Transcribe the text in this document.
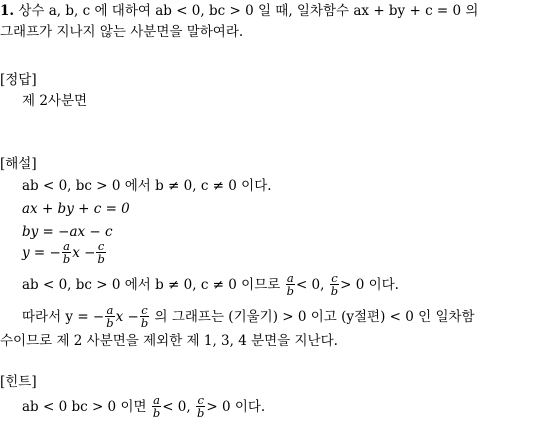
1. 상수 a, b, c 에 대하여 ab < 0, bc > 0 일 때, 일차함수 ax + by + c = 0 의
그래프가 지나지 않는 사분면을 말하여라.
[정답]
제 2사분면
[해설]
ab < 0, bc > 0 에서 b ≠ 0, c ≠ 0 이다.
ax + by + c = 0
by = −ax − c
y = − $\frac{a}{b}$ $x - \frac{c}{b}$
ab < 0, bc > 0 에서 b ≠ 0, c ≠ 0 이므로 $\frac{a}{b} < 0$, $\frac{c}{b} > 0$ 이다.
따라서 y = − $\frac{a}{b}$ $x - \frac{c}{b}$ 의 그래프는 (기울기) > 0 이고 (y절편) < 0 인 일차함
수이므로 제 2 사분면을 제외한 제 1, 3, 4 분면을 지난다.
[힌트]
ab < 0 bc > 0 이면 $\frac{a}{b} < 0$, $\frac{c}{b} > 0$ 이다.
